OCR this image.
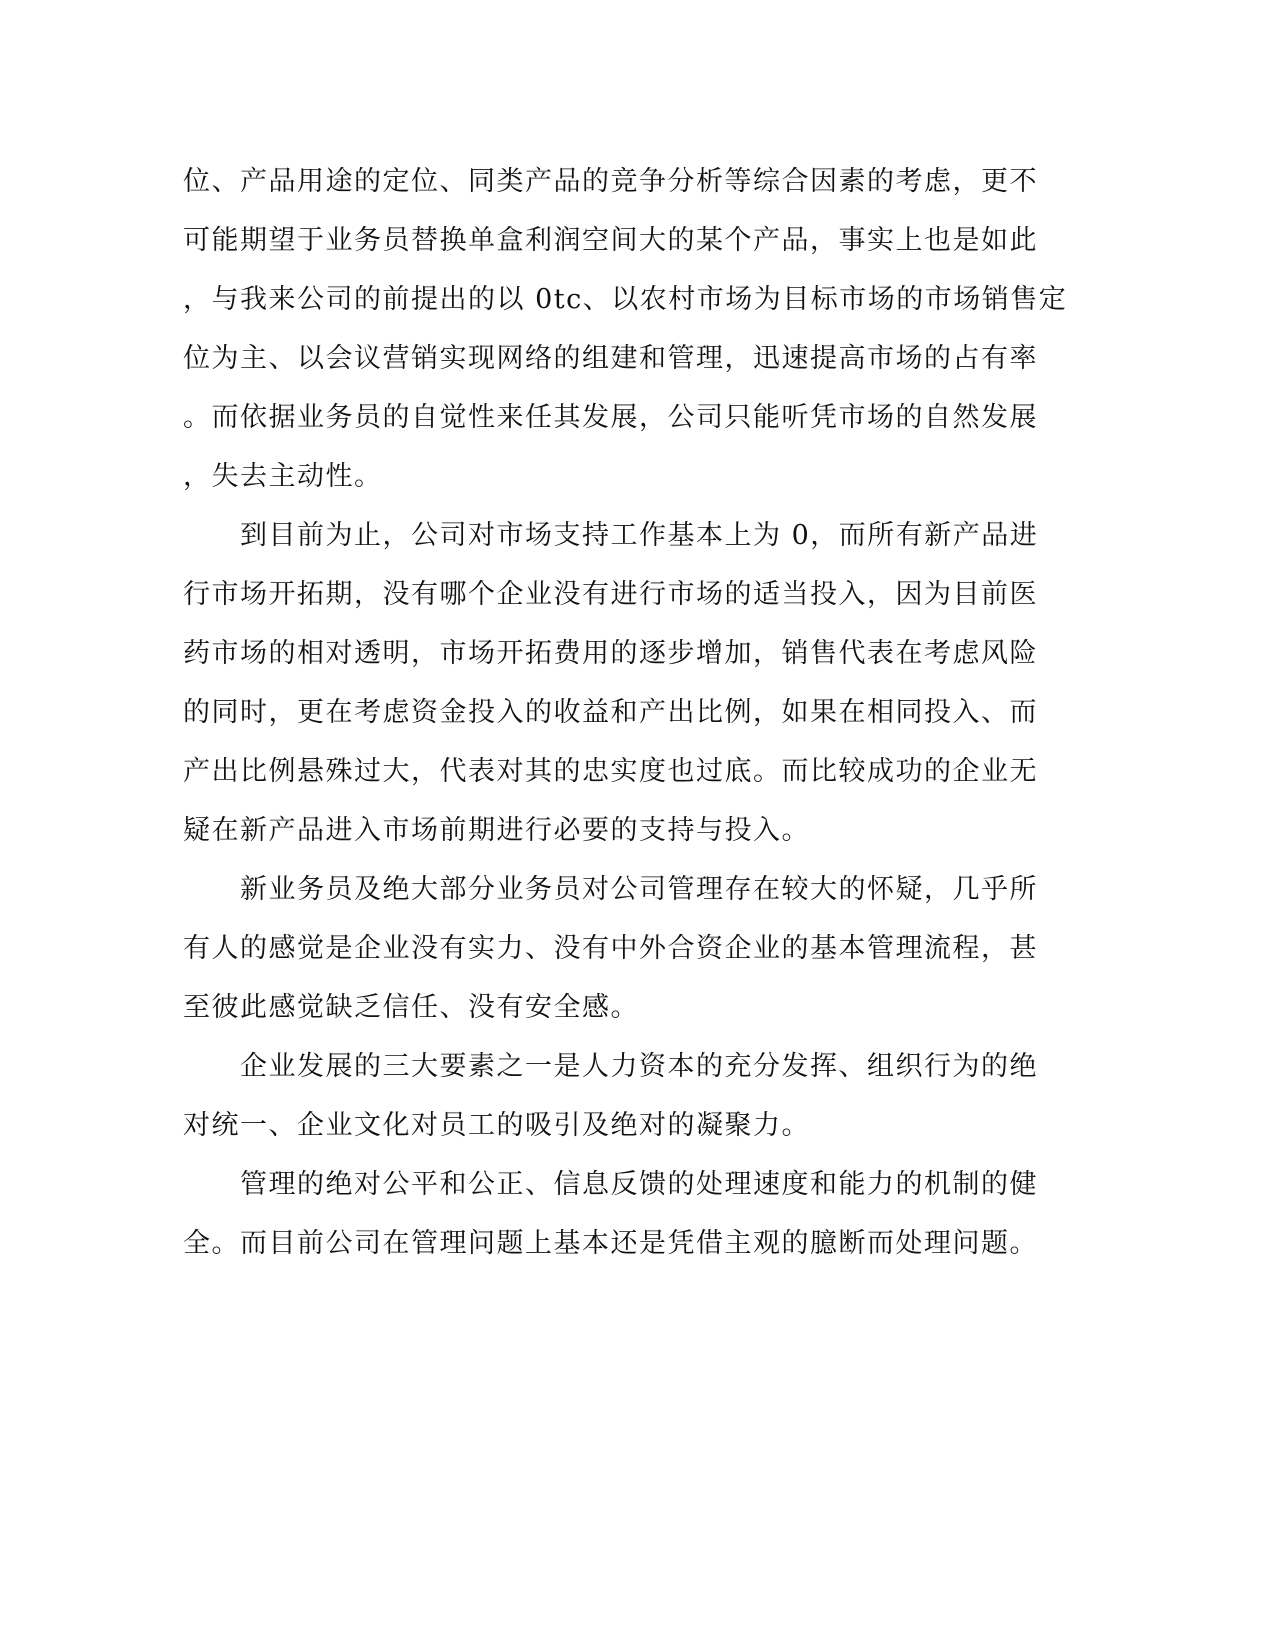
位、产品用途的定位、同类产品的竞争分析等综合因素的考虑，更不
可能期望于业务员替换单盒利润空间大的某个产品，事实上也是如此
，与我来公司的前提出的以 0tc、以农村市场为目标市场的市场销售定
位为主、以会议营销实现网络的组建和管理，迅速提高市场的占有率
。而依据业务员的自觉性来任其发展，公司只能听凭市场的自然发展
，失去主动性。
　　到目前为止，公司对市场支持工作基本上为 0，而所有新产品进
行市场开拓期，没有哪个企业没有进行市场的适当投入，因为目前医
药市场的相对透明，市场开拓费用的逐步增加，销售代表在考虑风险
的同时，更在考虑资金投入的收益和产出比例，如果在相同投入、而
产出比例悬殊过大，代表对其的忠实度也过底。而比较成功的企业无
疑在新产品进入市场前期进行必要的支持与投入。
　　新业务员及绝大部分业务员对公司管理存在较大的怀疑，几乎所
有人的感觉是企业没有实力、没有中外合资企业的基本管理流程，甚
至彼此感觉缺乏信任、没有安全感。
　　企业发展的三大要素之一是人力资本的充分发挥、组织行为的绝
对统一、企业文化对员工的吸引及绝对的凝聚力。
　　管理的绝对公平和公正、信息反馈的处理速度和能力的机制的健
全。而目前公司在管理问题上基本还是凭借主观的臆断而处理问题。
